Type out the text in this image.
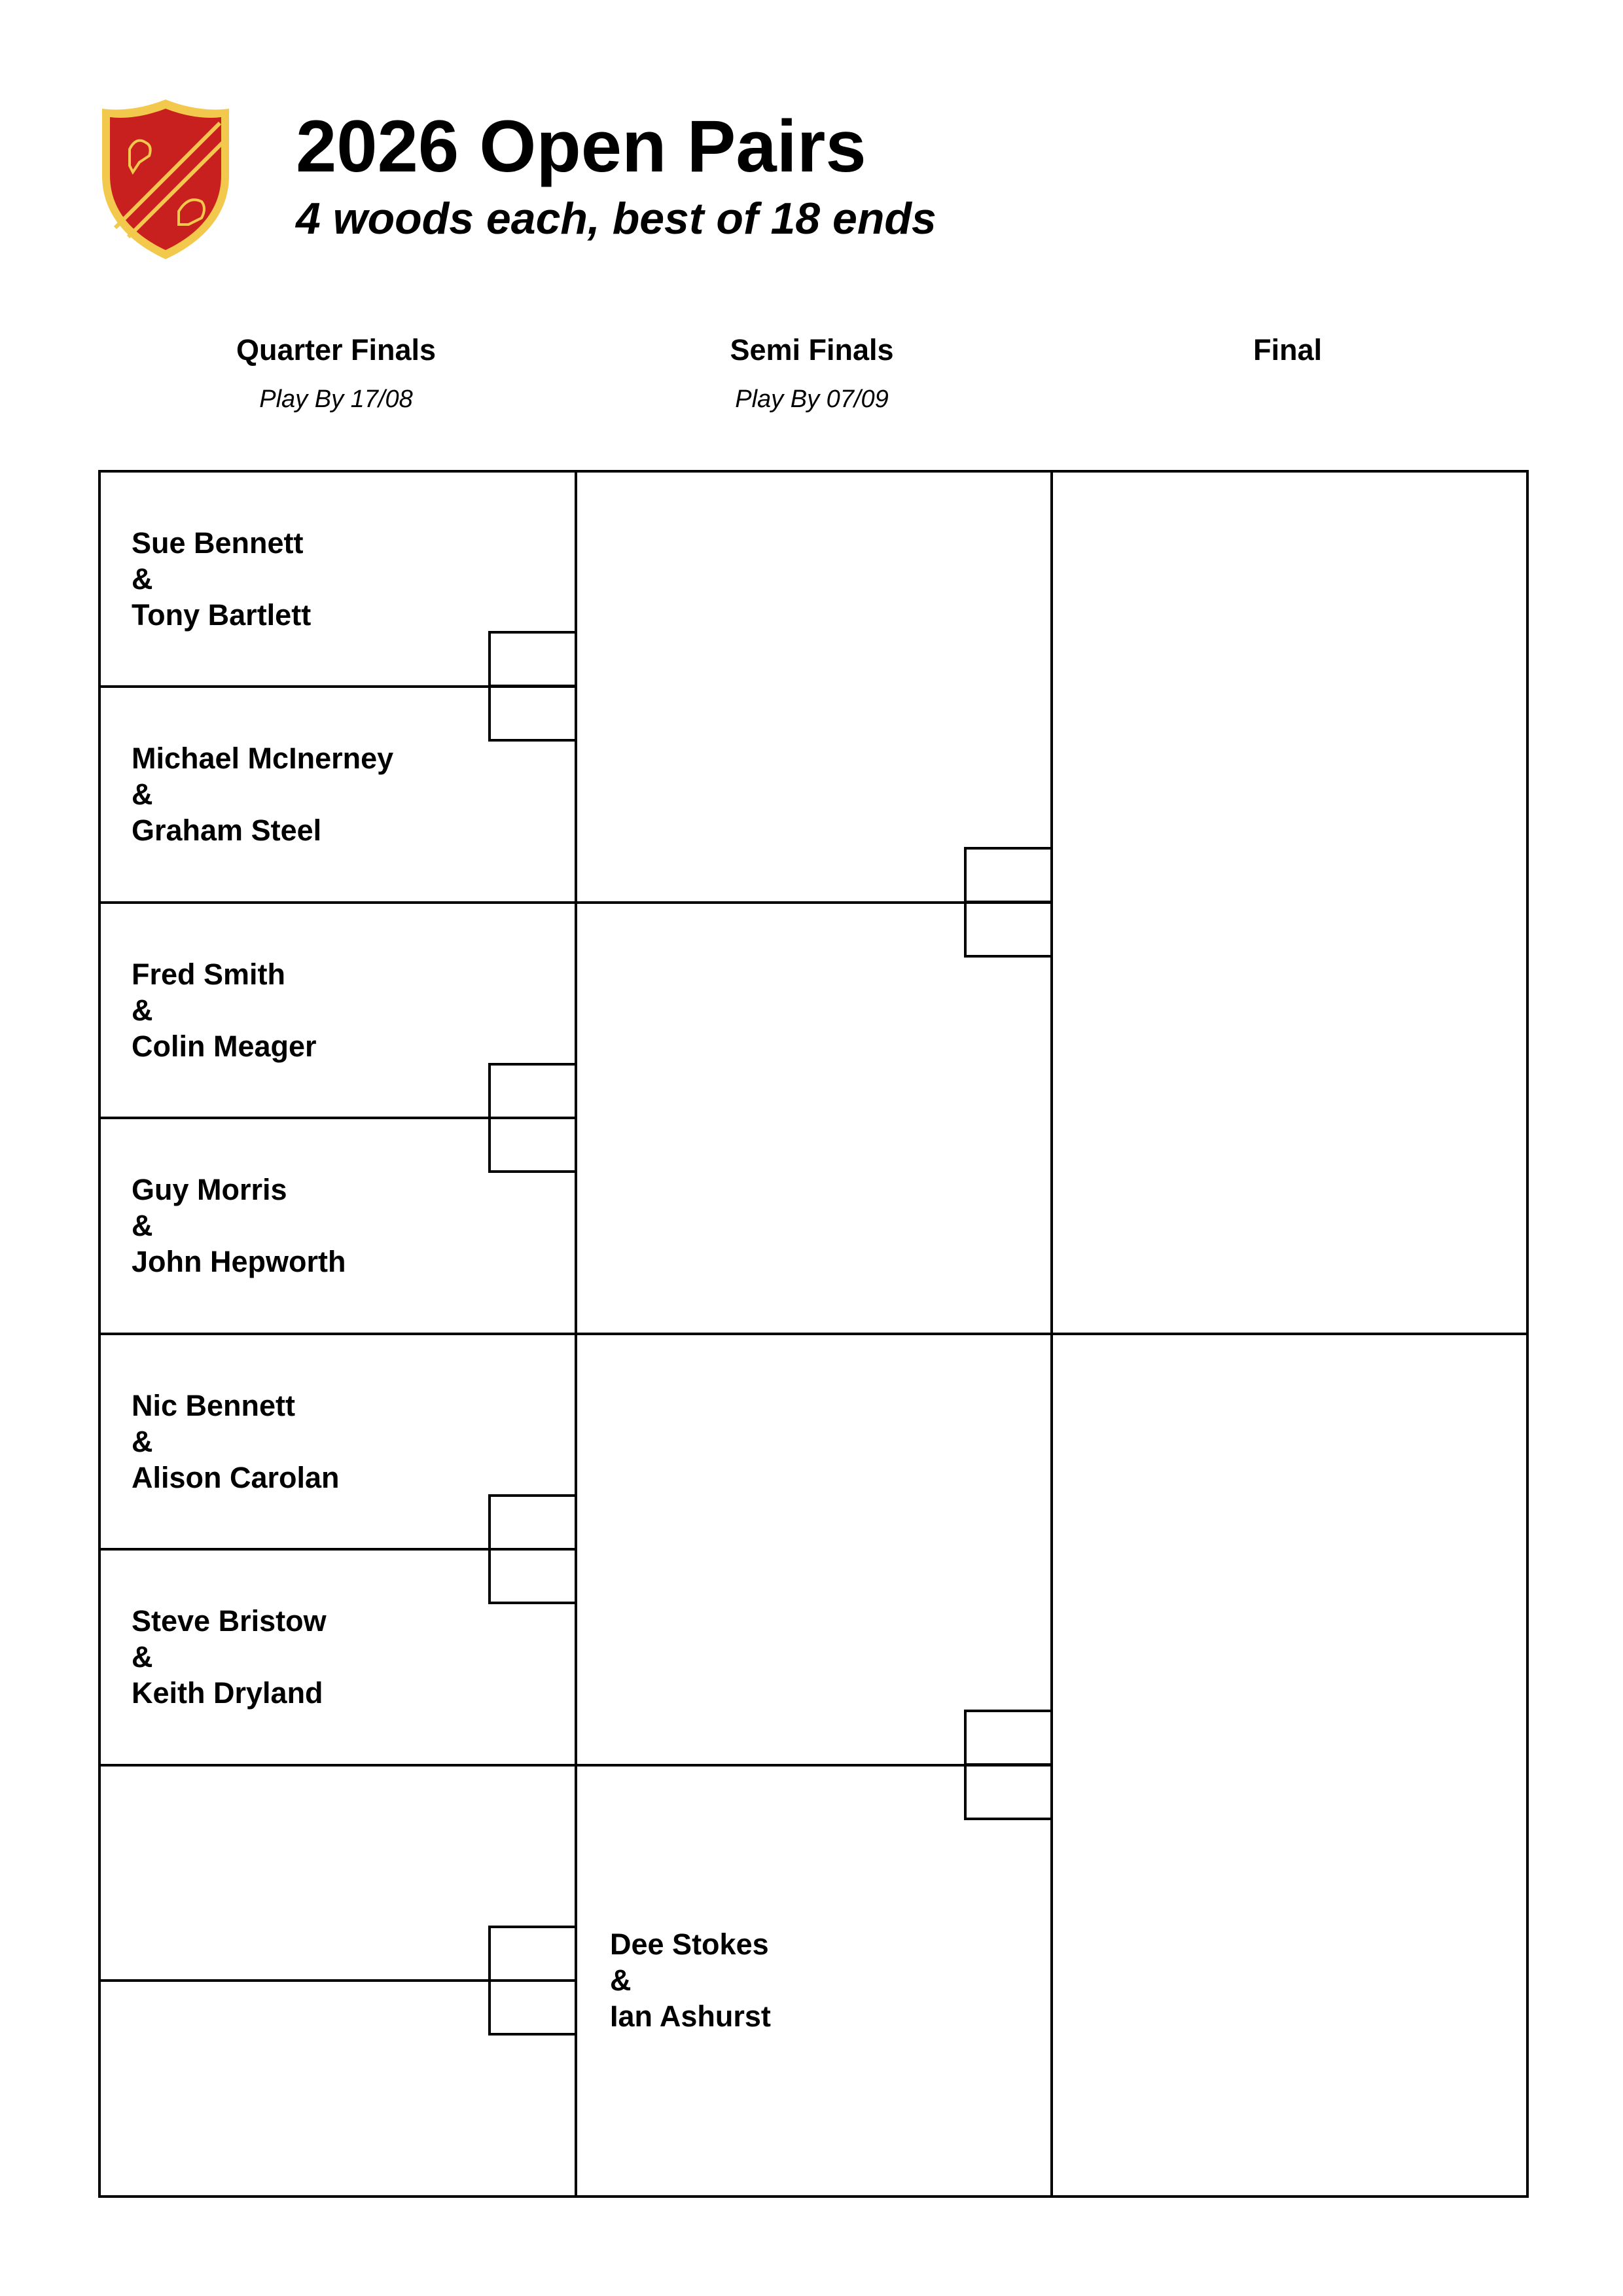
2026 Open Pairs
4 woods each, best of 18 ends
Quarter Finals
Play By 17/08
Semi Finals
Play By 07/09
Final
Sue Bennett
&
Tony Bartlett
Michael McInerney
&
Graham Steel
Fred Smith
&
Colin Meager
Guy Morris
&
John Hepworth
Nic Bennett
&
Alison Carolan
Steve Bristow
&
Keith Dryland
Dee Stokes
&
Ian Ashurst
